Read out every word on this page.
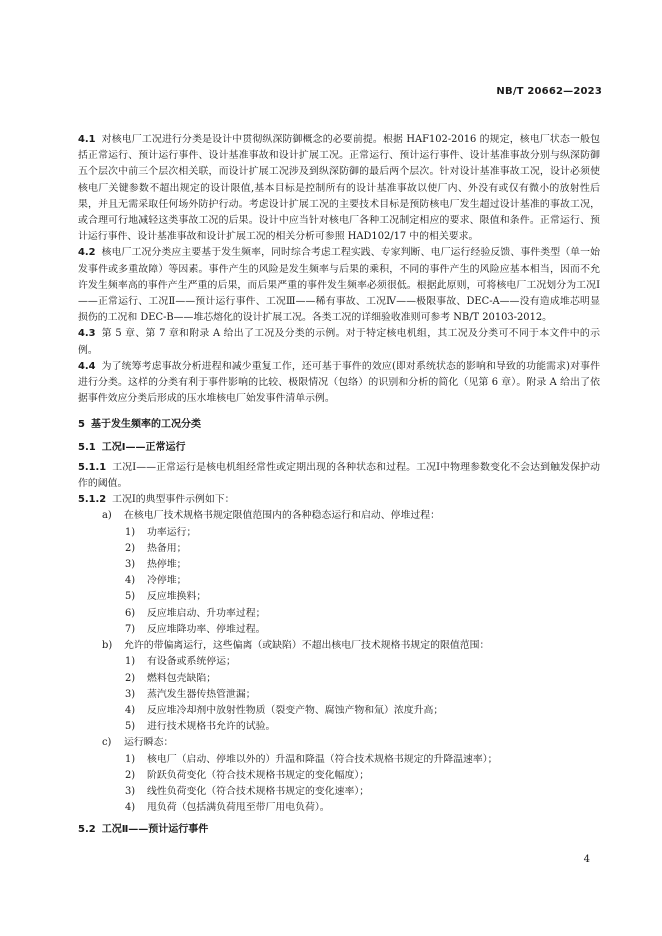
NB/T 20662—2023

4.1 对核电厂工况进行分类是设计中贯彻纵深防御概念的必要前提。根据 HAF102-2016 的规定，核电厂状态一般包括正常运行、预计运行事件、设计基准事故和设计扩展工况。正常运行、预计运行事件、设计基准事故分别与纵深防御五个层次中前三个层次相关联，而设计扩展工况涉及到纵深防御的最后两个层次。针对设计基准事故工况，设计必须使核电厂关键参数不超出规定的设计限值,基本目标是控制所有的设计基准事故以使厂内、外没有或仅有微小的放射性后果，并且无需采取任何场外防护行动。考虑设计扩展工况的主要技术目标是预防核电厂发生超过设计基准的事故工况，或合理可行地减轻这类事故工况的后果。设计中应当针对核电厂各种工况制定相应的要求、限值和条件。正常运行、预计运行事件、设计基准事故和设计扩展工况的相关分析可参照 HAD102/17 中的相关要求。

4.2 核电厂工况分类应主要基于发生频率，同时综合考虑工程实践、专家判断、电厂运行经验反馈、事件类型（单一始发事件或多重故障）等因素。事件产生的风险是发生频率与后果的乘积，不同的事件产生的风险应基本相当，因而不允许发生频率高的事件产生严重的后果，而后果严重的事件发生频率必须很低。根据此原则，可将核电厂工况划分为工况Ⅰ——正常运行、工况Ⅱ——预计运行事件、工况Ⅲ——稀有事故、工况Ⅳ——极限事故、DEC-A——没有造成堆芯明显损伤的工况和 DEC-B——堆芯熔化的设计扩展工况。各类工况的详细验收准则可参考 NB/T 20103-2012。

4.3 第 5 章、第 7 章和附录 A 给出了工况及分类的示例。对于特定核电机组，其工况及分类可不同于本文件中的示例。

4.4 为了统筹考虑事故分析进程和减少重复工作，还可基于事件的效应(即对系统状态的影响和导致的功能需求)对事件进行分类。这样的分类有利于事件影响的比较、极限情况（包络）的识别和分析的简化（见第 6 章）。附录 A 给出了依据事件效应分类后形成的压水堆核电厂始发事件清单示例。

5 基于发生频率的工况分类

5.1 工况Ⅰ——正常运行

5.1.1 工况Ⅰ——正常运行是核电机组经常性或定期出现的各种状态和过程。工况Ⅰ中物理参数变化不会达到触发保护动作的阈值。

5.1.2 工况Ⅰ的典型事件示例如下：

a) 在核电厂技术规格书规定限值范围内的各种稳态运行和启动、停堆过程：

1) 功率运行；

2) 热备用；

3) 热停堆；

4) 冷停堆；

5) 反应堆换料；

6) 反应堆启动、升功率过程；

7) 反应堆降功率、停堆过程。

b) 允许的带偏离运行，这些偏离（或缺陷）不超出核电厂技术规格书规定的限值范围：

1) 有设备或系统停运；

2) 燃料包壳缺陷；

3) 蒸汽发生器传热管泄漏；

4) 反应堆冷却剂中放射性物质（裂变产物、腐蚀产物和氚）浓度升高；

5) 进行技术规格书允许的试验。

c) 运行瞬态：

1) 核电厂（启动、停堆以外的）升温和降温（符合技术规格书规定的升降温速率）；

2) 阶跃负荷变化（符合技术规格书规定的变化幅度）；

3) 线性负荷变化（符合技术规格书规定的变化速率）；

4) 甩负荷（包括满负荷甩至带厂用电负荷）。

5.2 工况Ⅱ——预计运行事件

4
